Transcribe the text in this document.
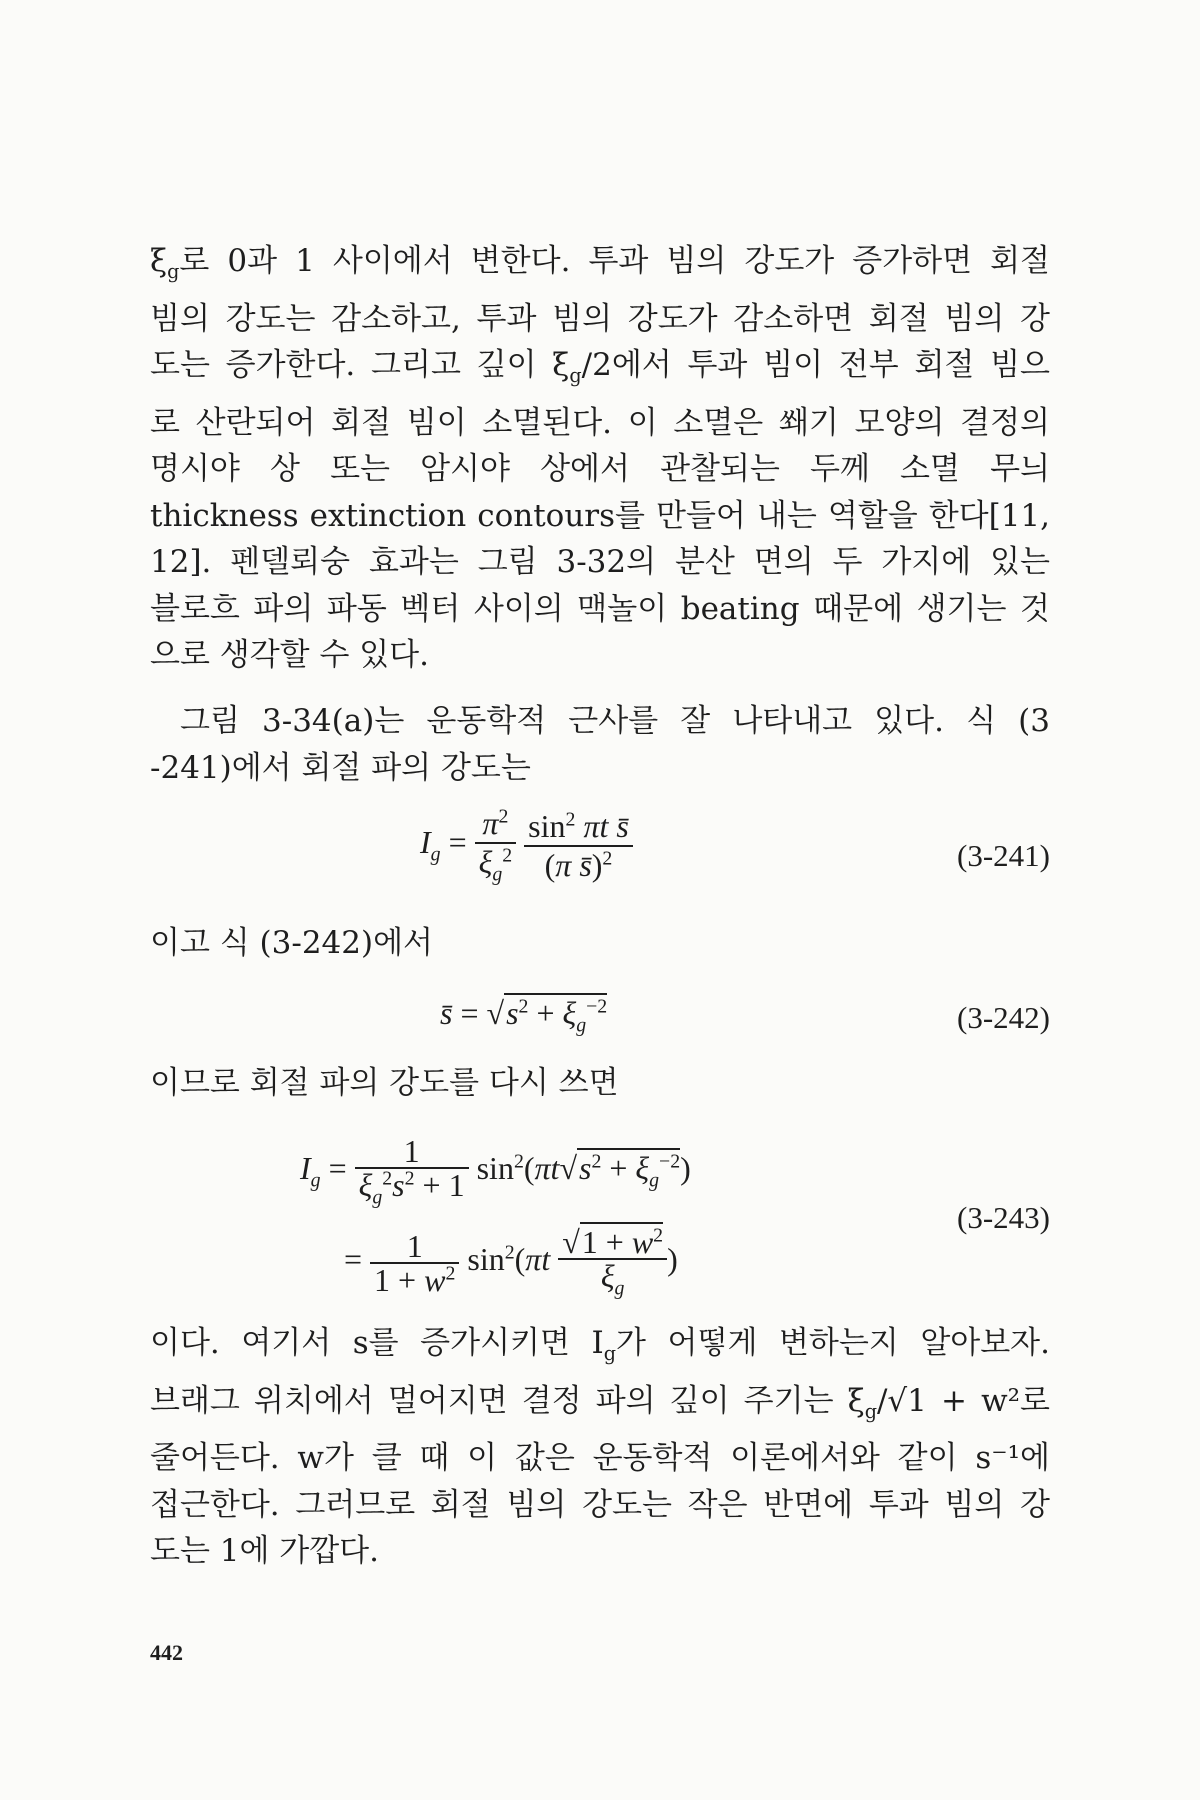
$\xi_g$로 0과 1 사이에서 변한다. 투과 빔의 강도가 증가하면 회절
빔의 강도는 감소하고, 투과 빔의 강도가 감소하면 회절 빔의 강
도는 증가한다. 그리고 깊이 $\xi_g/2$에서 투과 빔이 전부 회절 빔으
로 산란되어 회절 빔이 소멸된다. 이 소멸은 쐐기 모양의 결정의
명시야 상 또는 암시야 상에서 관찰되는 두께 소멸 무늬
thickness extinction contours를 만들어 내는 역할을 한다[11,
12]. 펜델뢰숭 효과는 그림 3-32의 분산 면의 두 가지에 있는
블로흐 파의 파동 벡터 사이의 맥놀이 beating 때문에 생기는 것
으로 생각할 수 있다.
그림 3-34(a)는 운동학적 근사를 잘 나타내고 있다. 식 (3
-241)에서 회절 파의 강도는
$I_g = \frac{\pi^2}{\xi_g^2}$
$\frac{\sin^2 \pi t s̄}{(\pi s̄)^2}$	(3-241)
이고 식 (3-242)에서
s̄ = $√s^2 + \xi_g^{-2}$	(3-242)
이므로 회절 파의 강도를 다시 쓰면
$I_g = \frac{1}{\xi_g^2s^2 + 1} \sin^2(\pi t√s^2 + \xi_g^{-2})$
= $\frac{1}{1 + w^2} \sin^2(\pi t \frac{√1 + w^2}{\xi_g}$ )
(3-243)
이다. 여기서 s를 증가시키면 $I_g$가 어떻게 변하는지 알아보자.
브래그 위치에서 멀어지면 결정 파의 깊이 주기는 $\xi_g/√1 + w^2$로
줄어든다. w가 클 때 이 값은 운동학적 이론에서와 같이 s⁻¹에
접근한다. 그러므로 회절 빔의 강도는 작은 반면에 투과 빔의 강
도는 1에 가깝다.
442
